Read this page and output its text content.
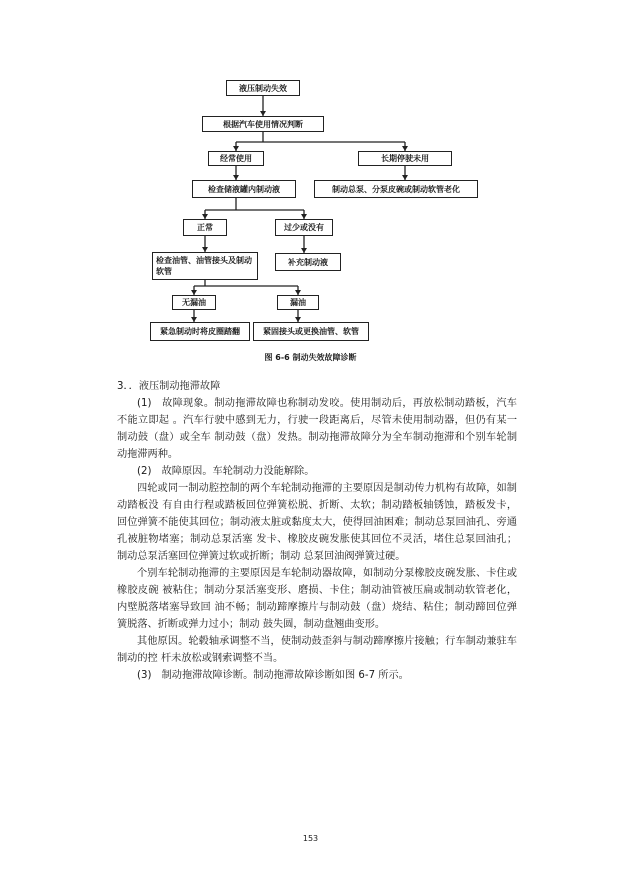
液压制动失效
根据汽车使用情况判断
经常使用	长期停驶未用
检查储液罐内制动液	制动总泵、分泵皮碗或制动软管老化
正常	过少或没有
检查油管、油管接头及制动软管
补充制动液
无漏油	漏油
紧急制动时将皮圈踏翻	紧固接头或更换油管、软管
图 6-6 制动失效故障诊断

3．．液压制动拖滞故障

(1)　故障现象。制动拖滞故障也称制动发咬。使用制动后，再放松制动踏板，汽车不能立即起 。汽车行驶中感到无力，行驶一段距离后，尽管未使用制动器，但仍有某一制动鼓（盘）或全车 制动鼓（盘）发热。制动拖滞故障分为全车制动拖滞和个别车轮制动拖滞两种。

(2)　故障原因。车轮制动力没能解除。

四轮或同一制动腔控制的两个车轮制动拖滞的主要原因是制动传力机构有故障，如制动踏板没 有自由行程或踏板回位弹簧松脱、折断、太软；制动踏板轴锈蚀，踏板发卡，回位弹簧不能使其回位；制动液太脏或黏度太大，使得回油困难；制动总泵回油孔、旁通孔被脏物堵塞；制动总泵活塞 发卡、橡胶皮碗发胀使其回位不灵活，堵住总泵回油孔；制动总泵活塞回位弹簧过软或折断；制动 总泵回油阀弹簧过硬。

个别车轮制动拖滞的主要原因是车轮制动器故障，如制动分泵橡胶皮碗发胀、卡住或橡胶皮碗 被粘住；制动分泵活塞变形、磨损、卡住；制动油管被压扁或制动软管老化，内壁脱落堵塞导致回 油不畅；制动蹄摩擦片与制动鼓（盘）烧结、粘住；制动蹄回位弹簧脱落、折断或弹力过小；制动 鼓失圆，制动盘翘曲变形。

其他原因。轮毂轴承调整不当，使制动鼓歪斜与制动蹄摩擦片接触；行车制动兼驻车制动的控 杆未放松或钢索调整不当。

(3)　制动拖滞故障诊断。制动拖滞故障诊断如图 6-7 所示。

153
